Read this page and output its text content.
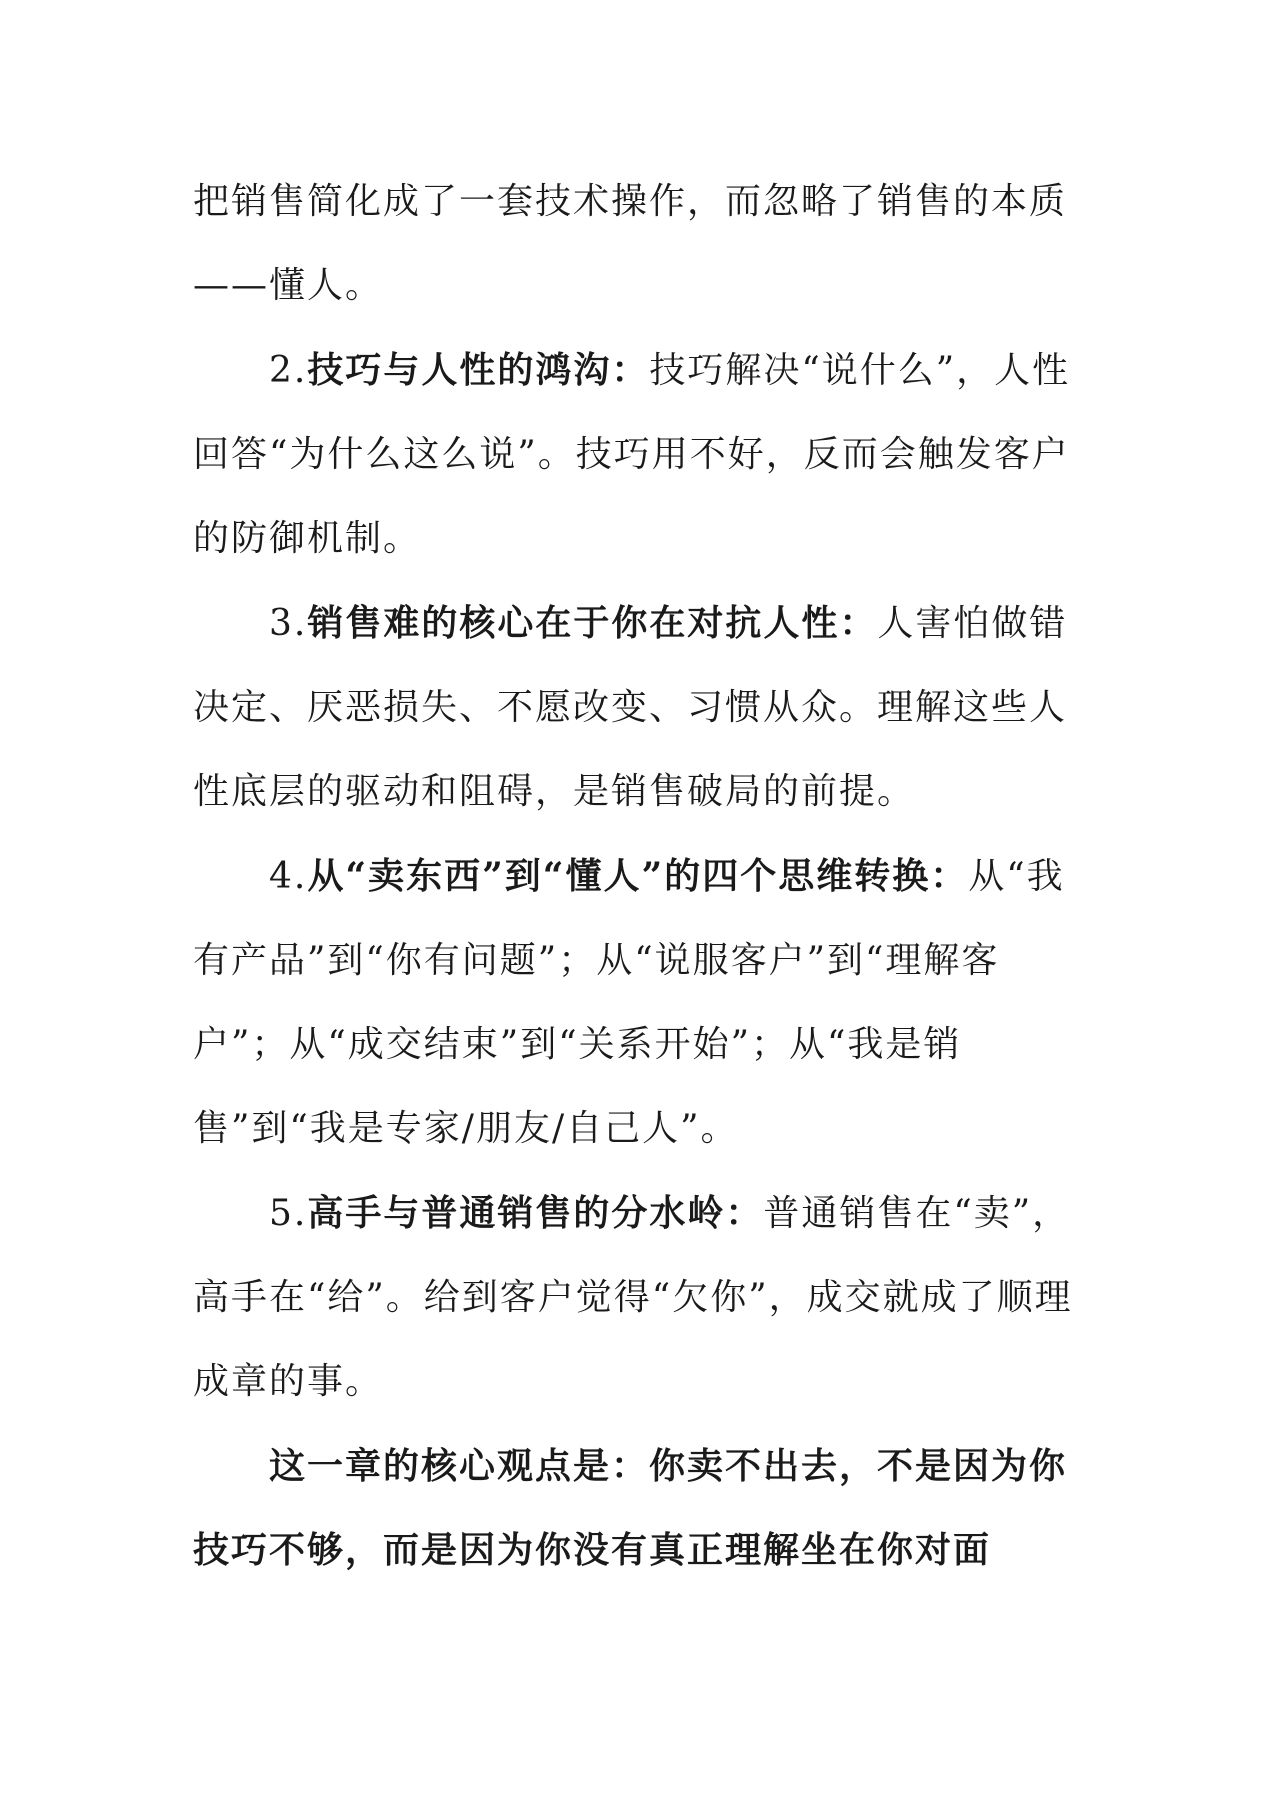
把销售简化成了一套技术操作，而忽略了销售的本质——懂人。

2.技巧与人性的鸿沟：技巧解决“说什么”，人性回答“为什么这么说”。技巧用不好，反而会触发客户的防御机制。

3.销售难的核心在于你在对抗人性：人害怕做错决定、厌恶损失、不愿改变、习惯从众。理解这些人性底层的驱动和阻碍，是销售破局的前提。

4.从“卖东西”到“懂人”的四个思维转换：从“我有产品”到“你有问题”；从“说服客户”到“理解客户”；从“成交结束”到“关系开始”；从“我是销售”到“我是专家/朋友/自己人”。

5.高手与普通销售的分水岭：普通销售在“卖”，高手在“给”。给到客户觉得“欠你”，成交就成了顺理成章的事。

这一章的核心观点是：你卖不出去，不是因为你技巧不够，而是因为你没有真正理解坐在你对面
